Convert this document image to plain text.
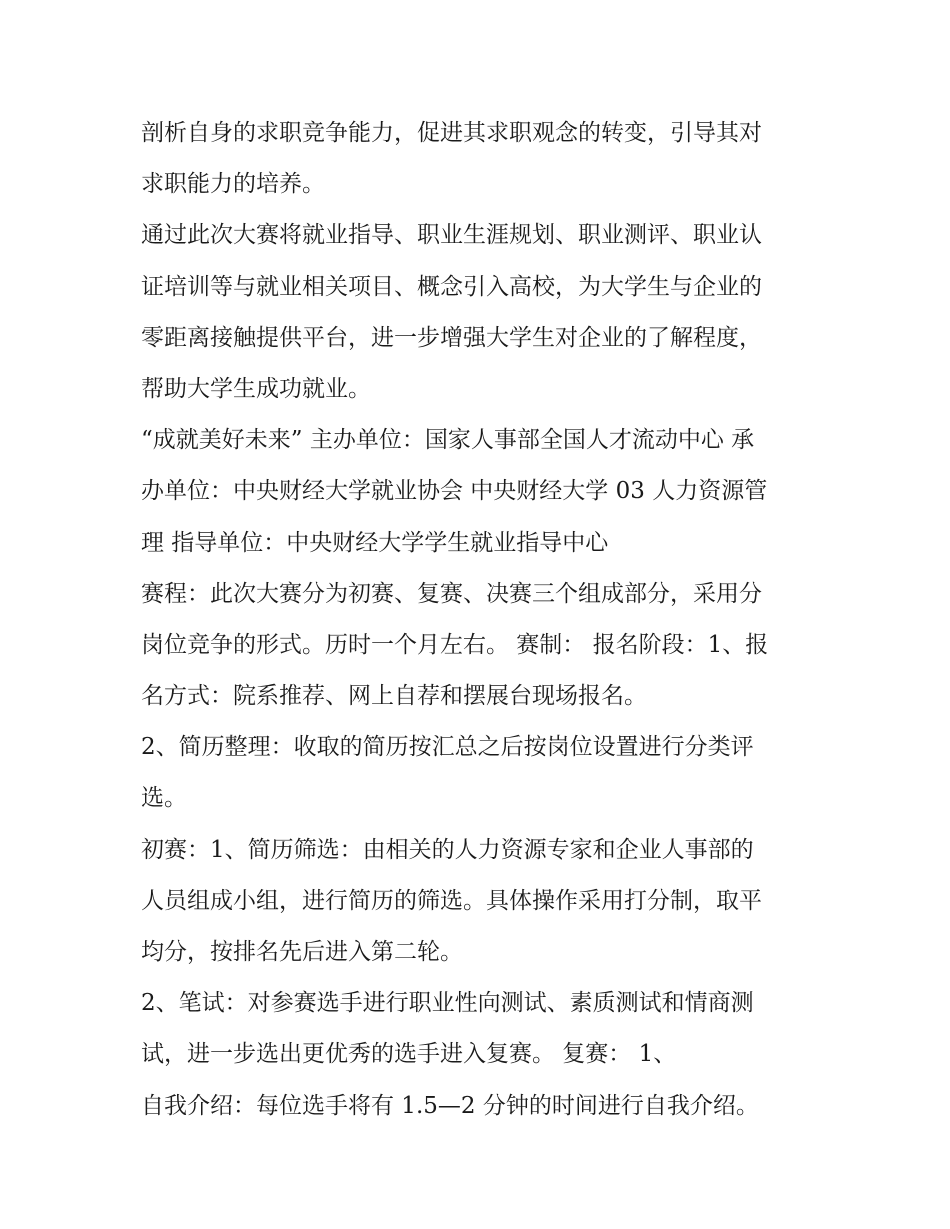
剖析自身的求职竞争能力，促进其求职观念的转变，引导其对
求职能力的培养。
通过此次大赛将就业指导、职业生涯规划、职业测评、职业认
证培训等与就业相关项目、概念引入高校，为大学生与企业的
零距离接触提供平台，进一步增强大学生对企业的了解程度，
帮助大学生成功就业。
“成就美好未来” 主办单位：国家人事部全国人才流动中心 承
办单位：中央财经大学就业协会 中央财经大学 03 人力资源管
理 指导单位：中央财经大学学生就业指导中心
赛程：此次大赛分为初赛、复赛、决赛三个组成部分，采用分
岗位竞争的形式。历时一个月左右。 赛制： 报名阶段：1、报
名方式：院系推荐、网上自荐和摆展台现场报名。
2、简历整理：收取的简历按汇总之后按岗位设置进行分类评
选。
初赛：1、简历筛选：由相关的人力资源专家和企业人事部的
人员组成小组，进行简历的筛选。具体操作采用打分制，取平
均分，按排名先后进入第二轮。
2、笔试：对参赛选手进行职业性向测试、素质测试和情商测
试，进一步选出更优秀的选手进入复赛。 复赛： 1、
自我介绍：每位选手将有 1.5—2 分钟的时间进行自我介绍。
